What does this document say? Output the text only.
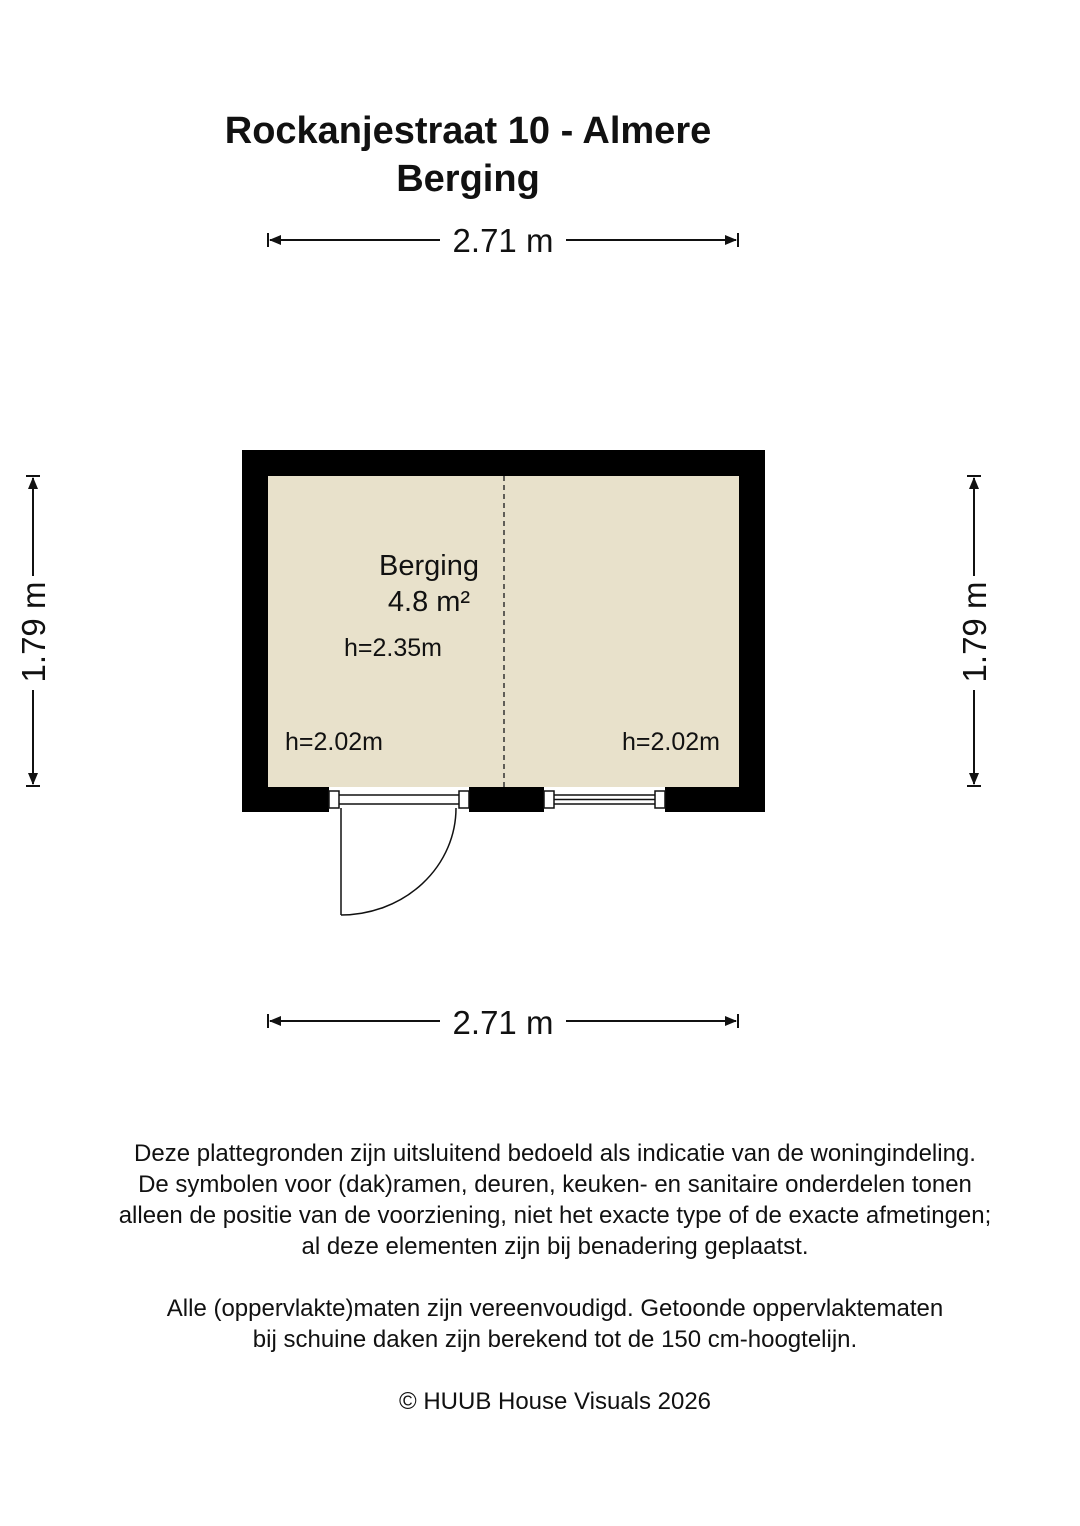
Rockanjestraat 10 - Almere
Berging
2.71 m
2.71 m
1.79 m	1.79 m
Berging
4.8 m²
h=2.35m
h=2.02m	h=2.02m

Deze plattegronden zijn uitsluitend bedoeld als indicatie van de woningindeling.

De symbolen voor (dak)ramen, deuren, keuken- en sanitaire onderdelen tonen

alleen de positie van de voorziening, niet het exacte type of de exacte afmetingen;

al deze elementen zijn bij benadering geplaatst.

Alle (oppervlakte)maten zijn vereenvoudigd. Getoonde oppervlaktematen

bij schuine daken zijn berekend tot de 150 cm-hoogtelijn.

© HUUB House Visuals 2026
